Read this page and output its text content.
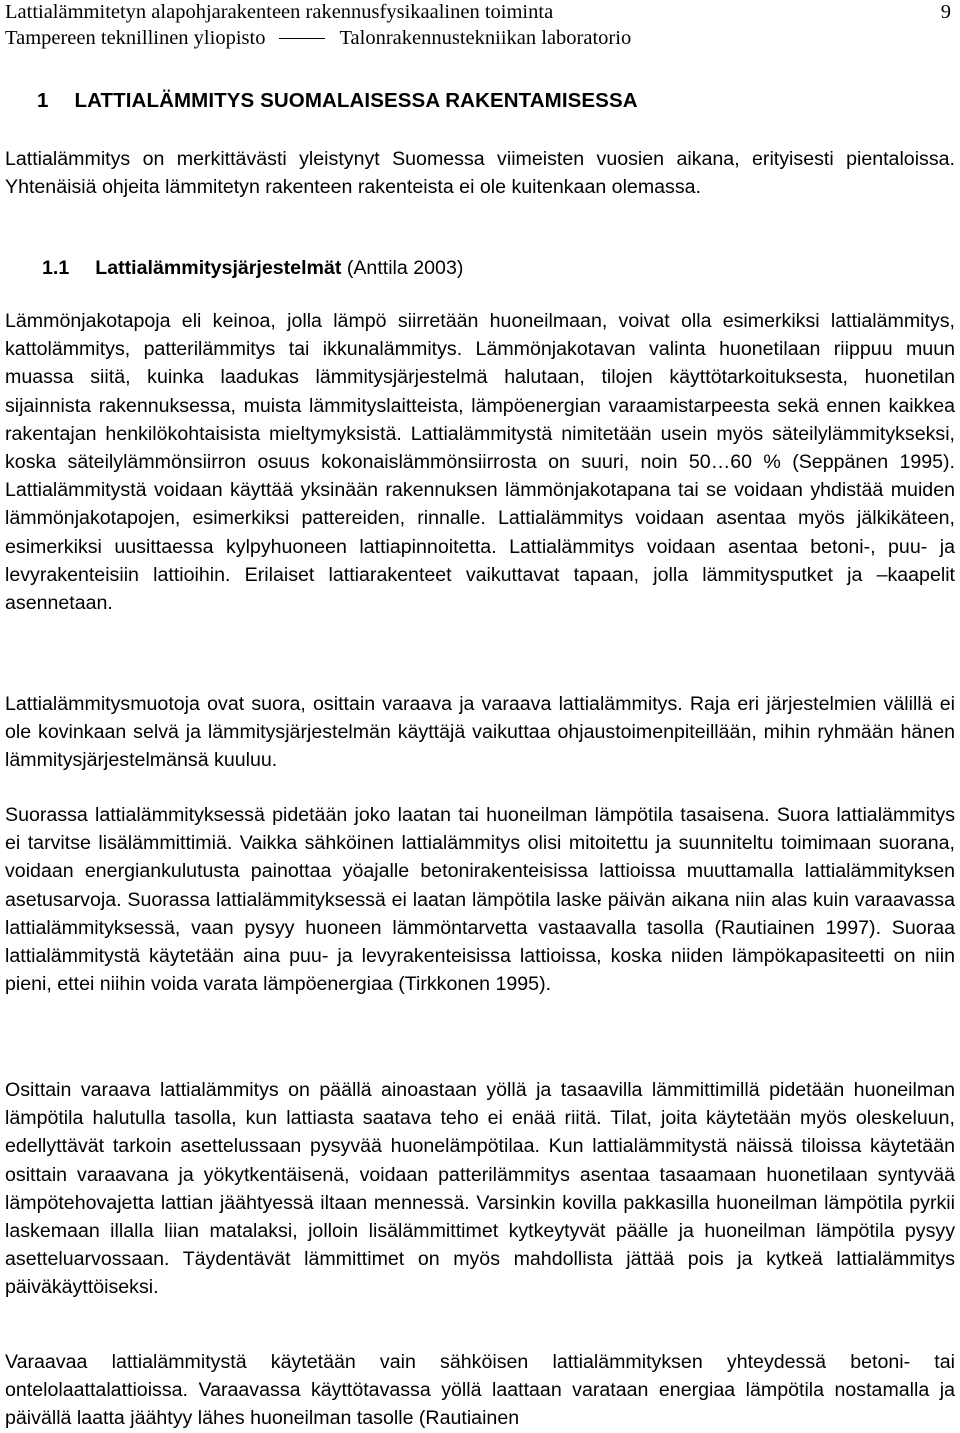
Lattialämmitetyn alapohjarakenteen rakennusfysikaalinen toiminta	9
Tampereen teknillinen yliopisto	Talonrakennustekniikan laboratorio
1 LATTIALÄMMITYS SUOMALAISESSA RAKENTAMISESSA

Lattialämmitys on merkittävästi yleistynyt Suomessa viimeisten vuosien aikana, erityisesti pientaloissa. Yhtenäisiä ohjeita lämmitetyn rakenteen rakenteista ei ole kuitenkaan olemassa.

1.1 Lattialämmitysjärjestelmät (Anttila 2003)

Lämmönjakotapoja eli keinoa, jolla lämpö siirretään huoneilmaan, voivat olla esimerkiksi lattialämmitys, kattolämmitys, patterilämmitys tai ikkunalämmitys. Lämmönjakotavan valinta huonetilaan riippuu muun muassa siitä, kuinka laadukas lämmitysjärjestelmä halutaan, tilojen käyttötarkoituksesta, huonetilan sijainnista rakennuksessa, muista lämmityslaitteista, lämpöenergian varaamistarpeesta sekä ennen kaikkea rakentajan henkilökohtaisista mieltymyksistä. Lattialämmitystä nimitetään usein myös säteilylämmitykseksi, koska säteilylämmönsiirron osuus kokonaislämmönsiirrosta on suuri, noin 50…60 % (Seppänen 1995). Lattialämmitystä voidaan käyttää yksinään rakennuksen lämmönjakotapana tai se voidaan yhdistää muiden lämmönjakotapojen, esimerkiksi pattereiden, rinnalle. Lattialämmitys voidaan asentaa myös jälkikäteen, esimerkiksi uusittaessa kylpyhuoneen lattiapinnoitetta. Lattialämmitys voidaan asentaa betoni-, puu- ja levyrakenteisiin lattioihin. Erilaiset lattiarakenteet vaikuttavat tapaan, jolla lämmitysputket ja –kaapelit asennetaan.

Lattialämmitysmuotoja ovat suora, osittain varaava ja varaava lattialämmitys. Raja eri järjestelmien välillä ei ole kovinkaan selvä ja lämmitysjärjestelmän käyttäjä vaikuttaa ohjaustoimenpiteillään, mihin ryhmään hänen lämmitysjärjestelmänsä kuuluu.

Suorassa lattialämmityksessä pidetään joko laatan tai huoneilman lämpötila tasaisena. Suora lattialämmitys ei tarvitse lisälämmittimiä. Vaikka sähköinen lattialämmitys olisi mitoitettu ja suunniteltu toimimaan suorana, voidaan energiankulutusta painottaa yöajalle betonirakenteisissa lattioissa muuttamalla lattialämmityksen asetusarvoja. Suorassa lattialämmityksessä ei laatan lämpötila laske päivän aikana niin alas kuin varaavassa lattialämmityksessä, vaan pysyy huoneen lämmöntarvetta vastaavalla tasolla (Rautiainen 1997). Suoraa lattialämmitystä käytetään aina puu- ja levyrakenteisissa lattioissa, koska niiden lämpökapasiteetti on niin pieni, ettei niihin voida varata lämpöenergiaa (Tirkkonen 1995).

Osittain varaava lattialämmitys on päällä ainoastaan yöllä ja tasaavilla lämmittimillä pidetään huoneilman lämpötila halutulla tasolla, kun lattiasta saatava teho ei enää riitä. Tilat, joita käytetään myös oleskeluun, edellyttävät tarkoin asettelussaan pysyvää huonelämpötilaa. Kun lattialämmitystä näissä tiloissa käytetään osittain varaavana ja yökytkentäisenä, voidaan patterilämmitys asentaa tasaamaan huonetilaan syntyvää lämpötehovajetta lattian jäähtyessä iltaan mennessä. Varsinkin kovilla pakkasilla huoneilman lämpötila pyrkii laskemaan illalla liian matalaksi, jolloin lisälämmittimet kytkeytyvät päälle ja huoneilman lämpötila pysyy asetteluarvossaan. Täydentävät lämmittimet on myös mahdollista jättää pois ja kytkeä lattialämmitys päiväkäyttöiseksi.

Varaavaa lattialämmitystä käytetään vain sähköisen lattialämmityksen yhteydessä betoni- tai ontelolaattalattioissa. Varaavassa käyttötavassa yöllä laattaan varataan energiaa lämpötila nostamalla ja päivällä laatta jäähtyy lähes huoneilman tasolle (Rautiainen
